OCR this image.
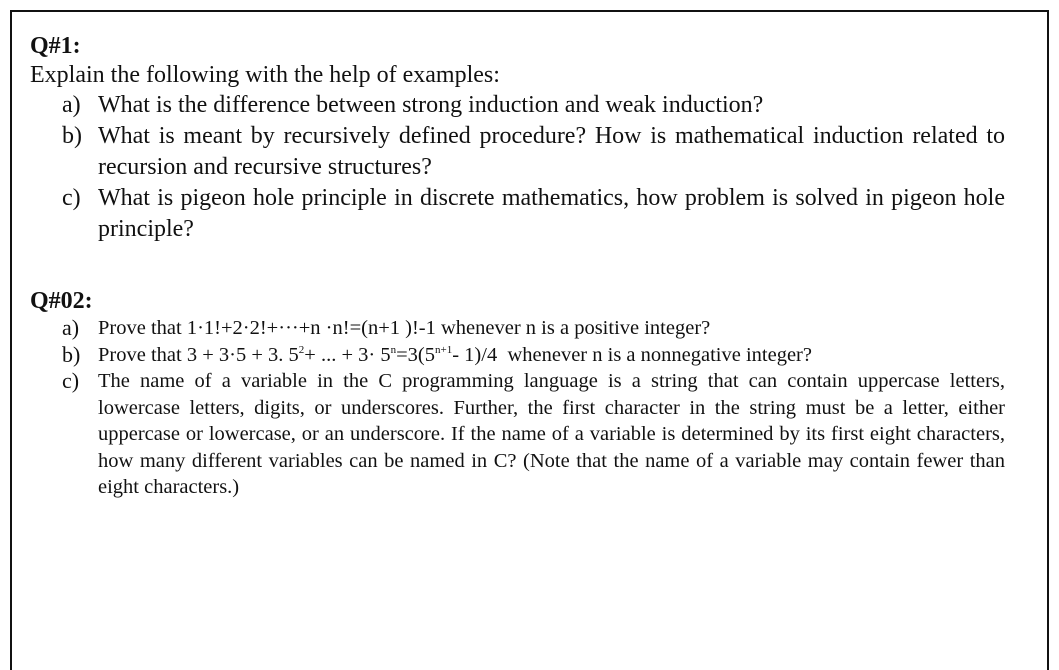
Q#1:

Explain the following with the help of examples:

a) What is the difference between strong induction and weak induction?
b) What is meant by recursively defined procedure? How is mathematical induction related to recursion and recursive structures?
c) What is pigeon hole principle in discrete mathematics, how problem is solved in pigeon hole principle?

Q#02:

a) Prove that 1·1!+2·2!+···+n ·n!=(n+1 )!-1 whenever n is a positive integer?
b) Prove that 3 + 3·5 + 3. $5^2+$ ... + $3\cdot 5^n=3(5^{n+1}-$ 1)/4  whenever n is a nonnegative integer?
c) The name of a variable in the C programming language is a string that can contain uppercase letters, lowercase letters, digits, or underscores. Further, the first character in the string must be a letter, either uppercase or lowercase, or an underscore. If the name of a variable is determined by its first eight characters, how many different variables can be named in C? (Note that the name of a variable may contain fewer than eight characters.)
